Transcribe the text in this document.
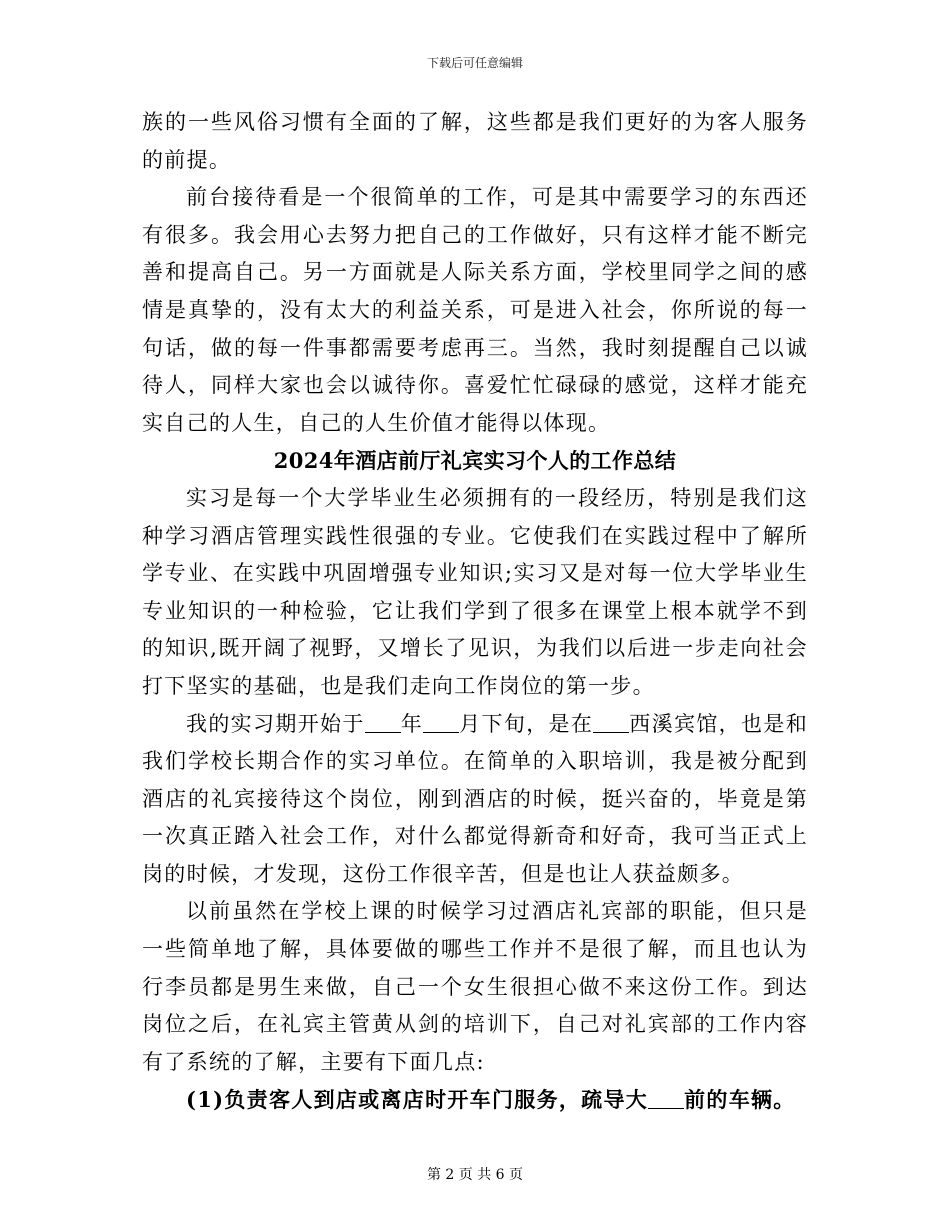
下载后可任意编辑

族的一些风俗习惯有全面的了解，这些都是我们更好的为客人服务的前提。

前台接待看是一个很简单的工作，可是其中需要学习的东西还有很多。我会用心去努力把自己的工作做好，只有这样才能不断完善和提高自己。另一方面就是人际关系方面，学校里同学之间的感情是真挚的，没有太大的利益关系，可是进入社会，你所说的每一句话，做的每一件事都需要考虑再三。当然，我时刻提醒自己以诚待人，同样大家也会以诚待你。喜爱忙忙碌碌的感觉，这样才能充实自己的人生，自己的人生价值才能得以体现。

2024年酒店前厅礼宾实习个人的工作总结

实习是每一个大学毕业生必须拥有的一段经历，特别是我们这种学习酒店管理实践性很强的专业。它使我们在实践过程中了解所学专业、在实践中巩固增强专业知识;实习又是对每一位大学毕业生专业知识的一种检验，它让我们学到了很多在课堂上根本就学不到的知识,既开阔了视野，又增长了见识，为我们以后进一步走向社会打下坚实的基础，也是我们走向工作岗位的第一步。

我的实习期开始于 年 月下旬，是在 西溪宾馆，也是和我们学校长期合作的实习单位。在简单的入职培训，我是被分配到酒店的礼宾接待这个岗位，刚到酒店的时候，挺兴奋的，毕竟是第一次真正踏入社会工作，对什么都觉得新奇和好奇，我可当正式上岗的时候，才发现，这份工作很辛苦，但是也让人获益颇多。

以前虽然在学校上课的时候学习过酒店礼宾部的职能，但只是一些简单地了解，具体要做的哪些工作并不是很了解，而且也认为行李员都是男生来做，自己一个女生很担心做不来这份工作。到达岗位之后，在礼宾主管黄从剑的培训下，自己对礼宾部的工作内容有了系统的了解，主要有下面几点:

(1)负责客人到店或离店时开车门服务，疏导大 前的车辆。

第 2 页 共 6 页
